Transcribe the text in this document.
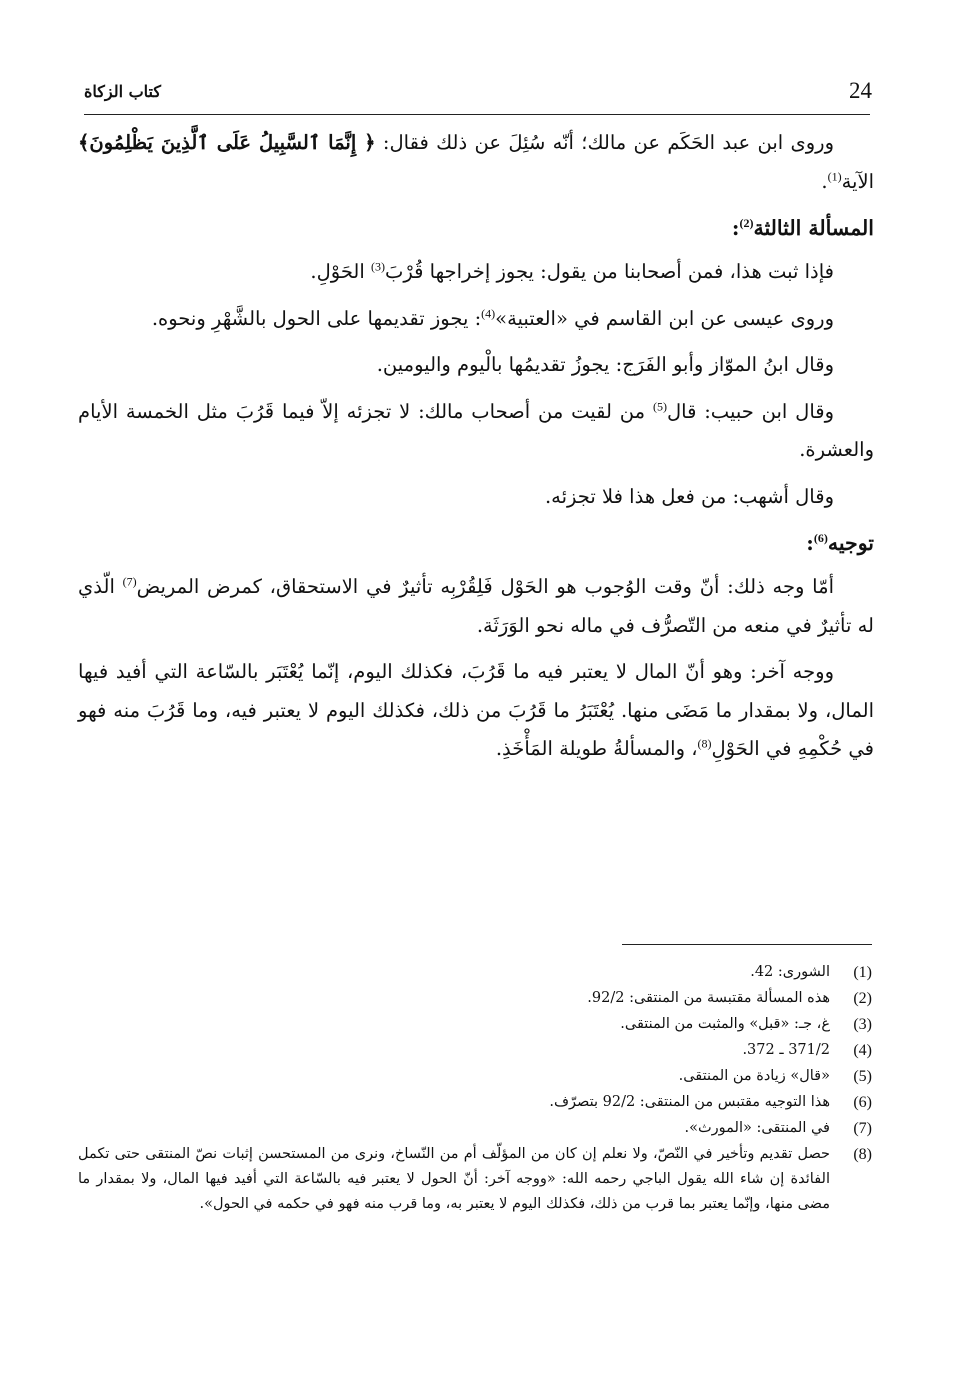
24
كتاب الزكاة

وروى ابن عبد الحَكَم عن مالك؛ أنّه سُئِلَ عن ذلك فقال: ﴿ إِنَّمَا ٱلسَّبِيلُ عَلَى ٱلَّذِينَ يَظْلِمُونَ﴾ الآية$^{(1)}$.

المسألة الثالثة$^{(2)}$:

فإذا ثبت هذا، فمن أصحابنا من يقول: يجوز إخراجها قُرْبَ$^{(3)}$ الحَوْلِ.

وروى عيسى عن ابن القاسم في «العتبية»$^{(4)}$: يجوز تقديمها على الحول بالشَّهْرِ ونحوه.

وقال ابنُ الموّاز وأبو الفَرَج: يجوزُ تقديمُها بالْيوم واليومين.

وقال ابن حبيب: قال$^{(5)}$ من لقيت من أصحاب مالك: لا تجزئه إلاّ فيما قَرُبَ مثل الخمسة الأيام والعشرة.

وقال أشهب: من فعل هذا فلا تجزئه.

توجيه$^{(6)}$:

أمّا وجه ذلك: أنّ وقت الوُجوب هو الحَوْل فَلِقُرْبِه تأثيرٌ في الاستحقاق، كمرض المريض$^{(7)}$ الّذي له تأثيرٌ في منعه من التّصرُّف في ماله نحو الوَرَثَة.

ووجه آخر: وهو أنّ المال لا يعتبر فيه ما قَرُبَ، فكذلك اليوم، إنّما يُعْتَبَر بالسّاعة التي أفيد فيها المال، ولا بمقدار ما مَضَى منها. يُعْتَبَرُ ما قَرُبَ من ذلك، فكذلك اليوم لا يعتبر فيه، وما قَرُبَ منه فهو في حُكْمِهِ في الحَوْلِ$^{(8)}$، والمسألةُ طويلة المَأْخَذِ.

(1)
الشورى: 42.
(2)
هذه المسألة مقتبسة من المنتقى: 92/2.
(3)
غ، جـ: «قبل» والمثبت من المنتقى.
(4)
371/2 ـ 372.
(5)
«قال» زيادة من المنتقى.
(6)
هذا التوجيه مقتبس من المنتقى: 92/2 بتصرّف.
(7)
في المنتقى: «المورث».
(8)
حصل تقديم وتأخير في النّصّ، ولا نعلم إن كان من المؤلّف أم من النّساخ، ونرى من المستحسن إثبات نصّ المنتقى حتى تكمل الفائدة إن شاء الله يقول الباجي رحمه الله: «ووجه آخر: أنّ الحول لا يعتبر فيه بالسّاعة التي أفيد فيها المال، ولا بمقدار ما مضى منها، وإنّما يعتبر بما قرب من ذلك، فكذلك اليوم لا يعتبر به، وما قرب منه فهو في حكمه في الحول».
